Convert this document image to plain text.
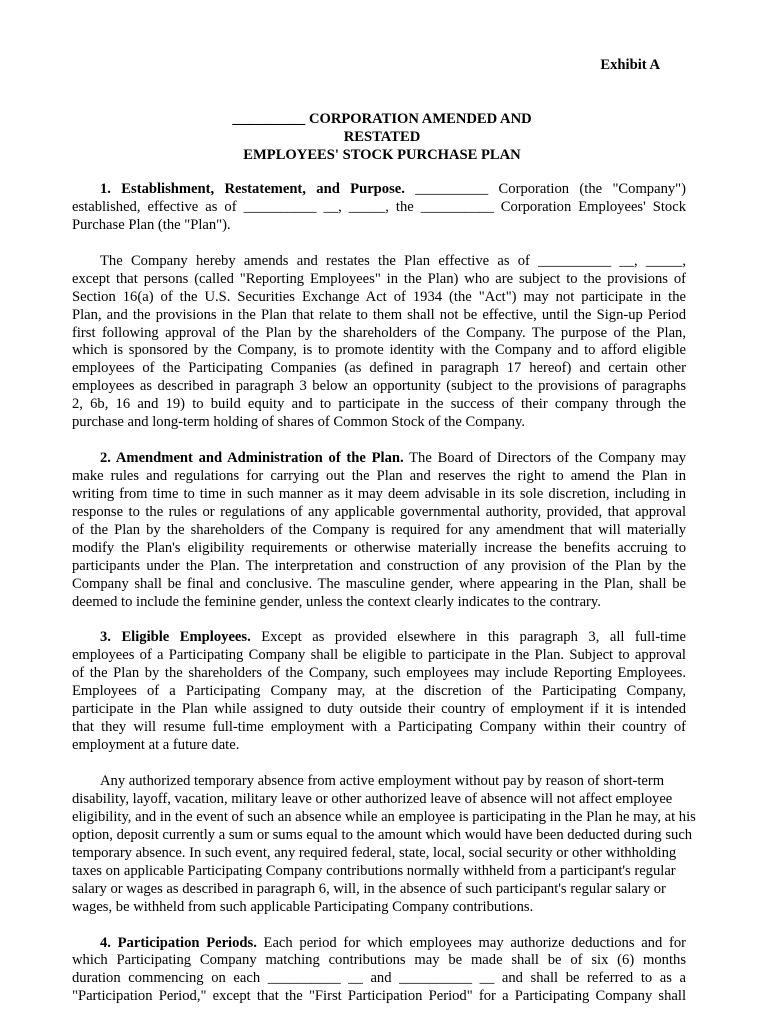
Exhibit A
__________ CORPORATION AMENDED AND
RESTATED
EMPLOYEES' STOCK PURCHASE PLAN
1. Establishment, Restatement, and Purpose. __________ Corporation (the "Company")
established, effective as of __________ __, _____, the __________ Corporation Employees' Stock
Purchase Plan (the "Plan").
The Company hereby amends and restates the Plan effective as of __________ __, _____,
except that persons (called "Reporting Employees" in the Plan) who are subject to the provisions of
Section 16(a) of the U.S. Securities Exchange Act of 1934 (the "Act") may not participate in the
Plan, and the provisions in the Plan that relate to them shall not be effective, until the Sign-up Period
first following approval of the Plan by the shareholders of the Company. The purpose of the Plan,
which is sponsored by the Company, is to promote identity with the Company and to afford eligible
employees of the Participating Companies (as defined in paragraph 17 hereof) and certain other
employees as described in paragraph 3 below an opportunity (subject to the provisions of paragraphs
2, 6b, 16 and 19) to build equity and to participate in the success of their company through the
purchase and long-term holding of shares of Common Stock of the Company.
2. Amendment and Administration of the Plan. The Board of Directors of the Company may
make rules and regulations for carrying out the Plan and reserves the right to amend the Plan in
writing from time to time in such manner as it may deem advisable in its sole discretion, including in
response to the rules or regulations of any applicable governmental authority, provided, that approval
of the Plan by the shareholders of the Company is required for any amendment that will materially
modify the Plan's eligibility requirements or otherwise materially increase the benefits accruing to
participants under the Plan. The interpretation and construction of any provision of the Plan by the
Company shall be final and conclusive. The masculine gender, where appearing in the Plan, shall be
deemed to include the feminine gender, unless the context clearly indicates to the contrary.
3. Eligible Employees. Except as provided elsewhere in this paragraph 3, all full-time
employees of a Participating Company shall be eligible to participate in the Plan. Subject to approval
of the Plan by the shareholders of the Company, such employees may include Reporting Employees.
Employees of a Participating Company may, at the discretion of the Participating Company,
participate in the Plan while assigned to duty outside their country of employment if it is intended
that they will resume full-time employment with a Participating Company within their country of
employment at a future date.
Any authorized temporary absence from active employment without pay by reason of short-term
disability, layoff, vacation, military leave or other authorized leave of absence will not affect employee
eligibility, and in the event of such an absence while an employee is participating in the Plan he may, at his
option, deposit currently a sum or sums equal to the amount which would have been deducted during such
temporary absence. In such event, any required federal, state, local, social security or other withholding
taxes on applicable Participating Company contributions normally withheld from a participant's regular
salary or wages as described in paragraph 6, will, in the absence of such participant's regular salary or
wages, be withheld from such applicable Participating Company contributions.
4. Participation Periods. Each period for which employees may authorize deductions and for
which Participating Company matching contributions may be made shall be of six (6) months
duration commencing on each __________ __ and __________ __ and shall be referred to as a
"Participation Period," except that the "First Participation Period" for a Participating Company shall
